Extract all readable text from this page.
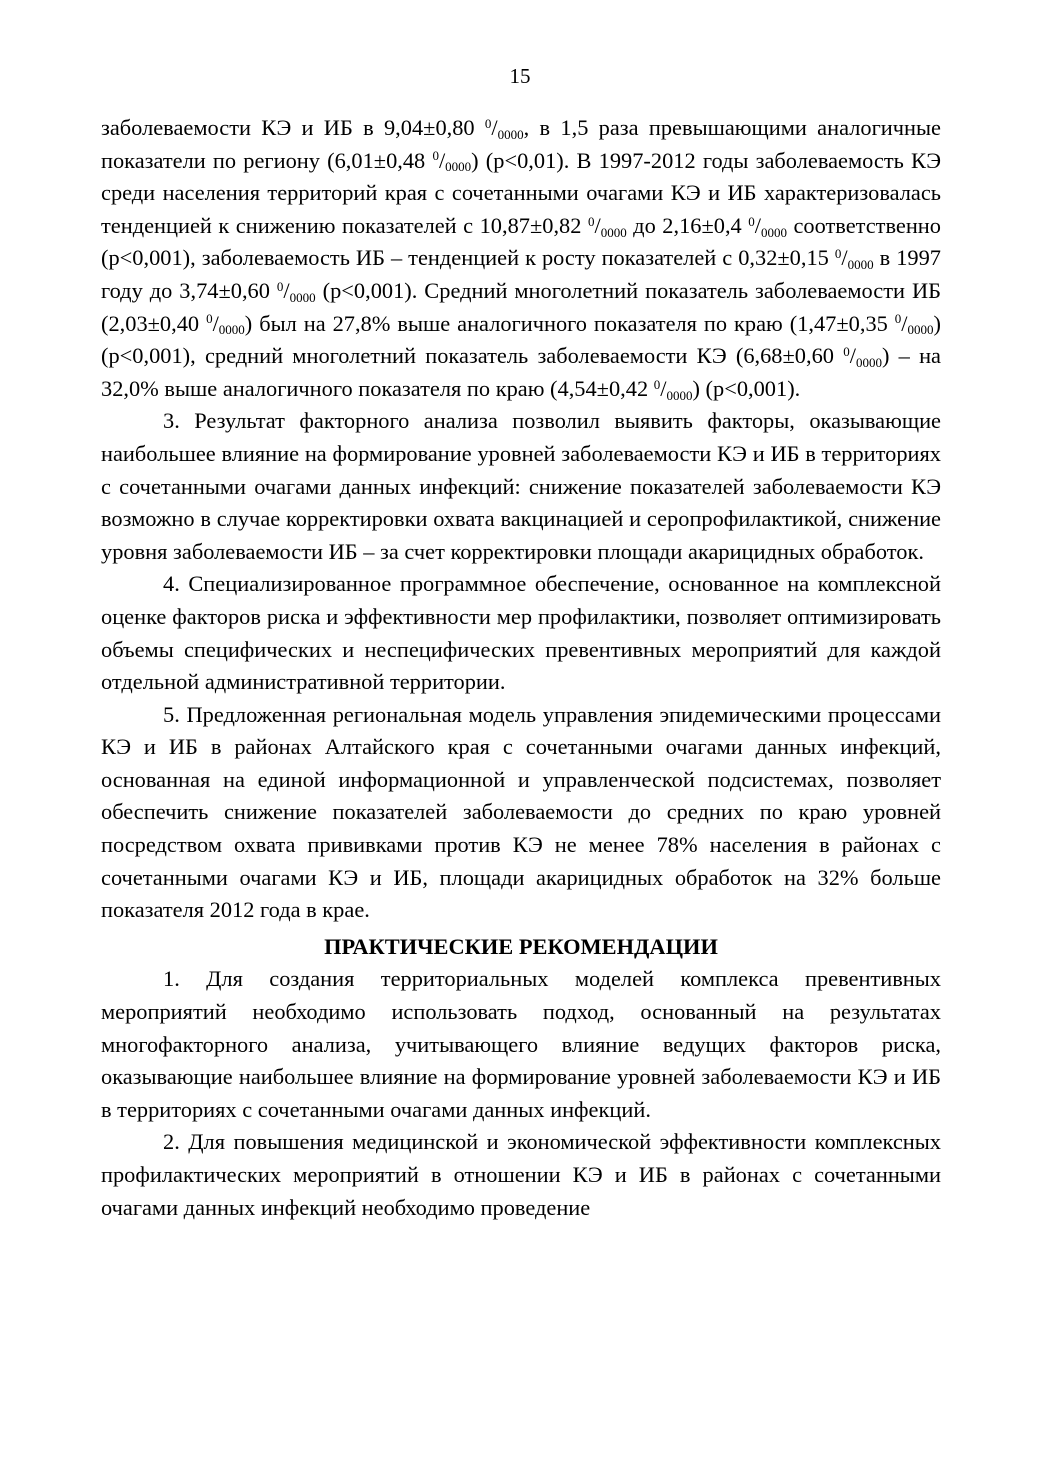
15

заболеваемости КЭ и ИБ в 9,04±0,80 $^0/_{0000}$, в 1,5 раза превышающими аналогичные показатели по региону (6,01±0,48 $^0/_{0000}$) (р<0,01). В 1997-2012 годы заболеваемость КЭ среди населения территорий края с сочетанными очагами КЭ и ИБ характеризовалась тенденцией к снижению показателей с 10,87±0,82 $^0/_{0000}$ до 2,16±0,4 $^0/_{0000}$ соответственно (р<0,001), заболеваемость ИБ – тенденцией к росту показателей с 0,32±0,15 $^0/_{0000}$ в 1997 году до 3,74±0,60 $^0/_{0000}$ (р<0,001). Средний многолетний показатель заболеваемости ИБ (2,03±0,40 $^0/_{0000}$) был на 27,8% выше аналогичного показателя по краю (1,47±0,35 $^0/_{0000}$) (р<0,001), средний многолетний показатель заболеваемости КЭ (6,68±0,60 $^0/_{0000}$) – на 32,0% выше аналогичного показателя по краю (4,54±0,42 $^0/_{0000}$) (р<0,001).

3. Результат факторного анализа позволил выявить факторы, оказывающие наибольшее влияние на формирование уровней заболеваемости КЭ и ИБ в территориях с сочетанными очагами данных инфекций: снижение показателей заболеваемости КЭ возможно в случае корректировки охвата вакцинацией и серопрофилактикой, снижение уровня заболеваемости ИБ – за счет корректировки площади акарицидных обработок.

4. Специализированное программное обеспечение, основанное на комплексной оценке факторов риска и эффективности мер профилактики, позволяет оптимизировать объемы специфических и неспецифических превентивных мероприятий для каждой отдельной административной территории.

5. Предложенная региональная модель управления эпидемическими процессами КЭ и ИБ в районах Алтайского края с сочетанными очагами данных инфекций, основанная на единой информационной и управленческой подсистемах, позволяет обеспечить снижение показателей заболеваемости до средних по краю уровней посредством охвата прививками против КЭ не менее 78% населения в районах с сочетанными очагами КЭ и ИБ, площади акарицидных обработок на 32% больше показателя 2012 года в крае.

ПРАКТИЧЕСКИЕ РЕКОМЕНДАЦИИ

1. Для создания территориальных моделей комплекса превентивных мероприятий необходимо использовать подход, основанный на результатах многофакторного анализа, учитывающего влияние ведущих факторов риска, оказывающие наибольшее влияние на формирование уровней заболеваемости КЭ и ИБ в территориях с сочетанными очагами данных инфекций.

2. Для повышения медицинской и экономической эффективности комплексных профилактических мероприятий в отношении КЭ и ИБ в районах с сочетанными очагами данных инфекций необходимо проведение
